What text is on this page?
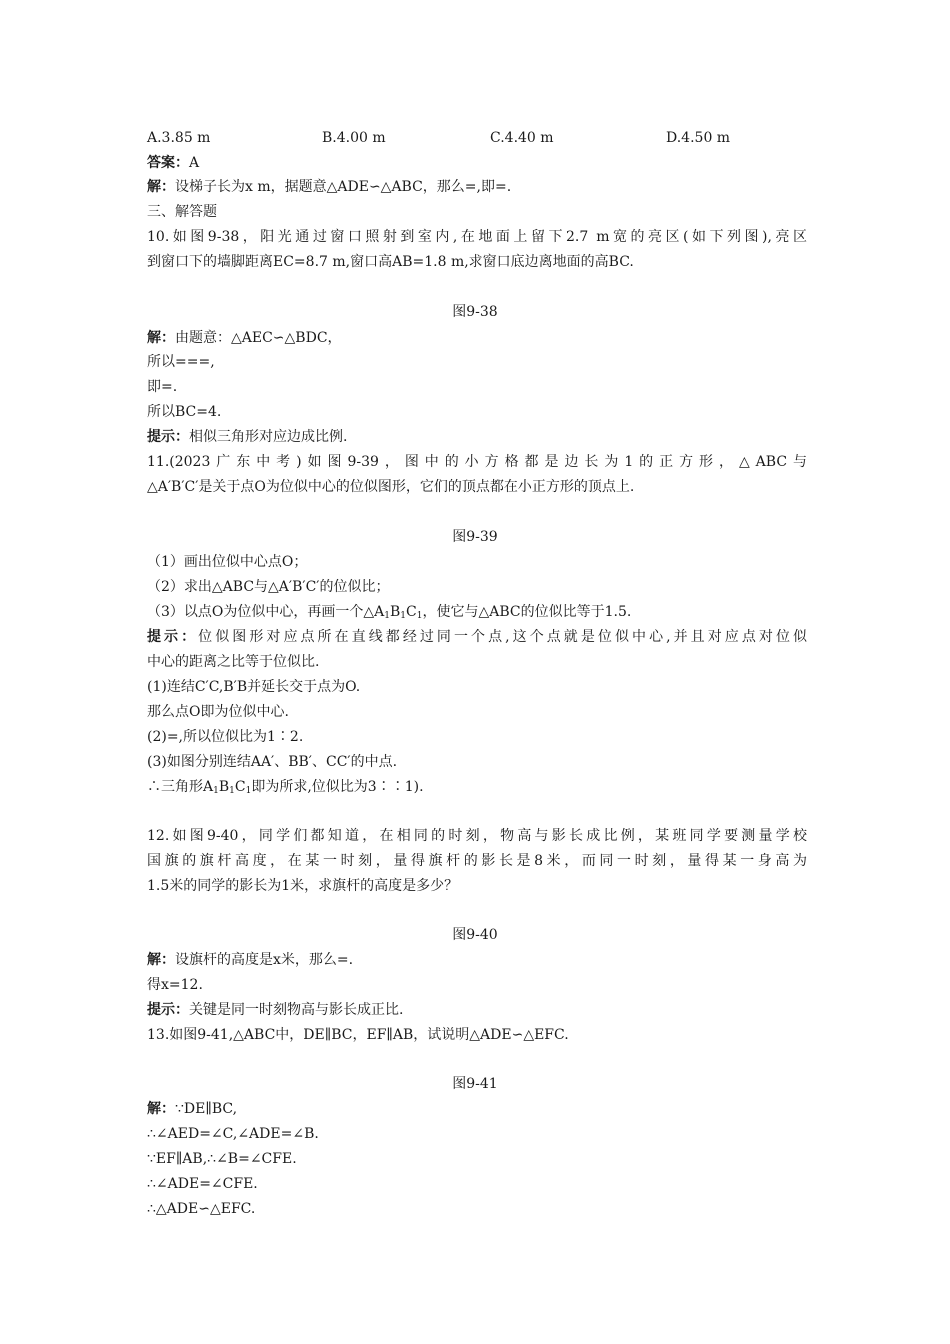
A.3.85 m	B.4.00 m	C.4.40 m	D.4.50 m
答案：A
解：设梯子长为x m，据题意△ADE∽△ABC，那么=,即=.
三、解答题
10.如图9-38，阳光通过窗口照射到室内,在地面上留下2.7 m宽的亮区(如下列图),亮区
到窗口下的墙脚距离EC=8.7 m,窗口高AB=1.8 m,求窗口底边离地面的高BC.
图9-38
解：由题意：△AEC∽△BDC，
所以===,
即=.
所以BC=4.
提示：相似三角形对应边成比例.
11.(2023广东中考)如图9-39，图中的小方格都是边长为1的正方形，△ABC与
△A′B′C′是关于点O为位似中心的位似图形，它们的顶点都在小正方形的顶点上.
图9-39
（1）画出位似中心点O；
（2）求出△ABC与△A′B′C′的位似比；
（3）以点O为位似中心，再画一个$\triangle A_1B_1C_1$，使它与△ABC的位似比等于1.5.
提示：位似图形对应点所在直线都经过同一个点,这个点就是位似中心,并且对应点对位似
中心的距离之比等于位似比.
(1)连结C′C,B′B并延长交于点为O.
那么点O即为位似中心.
(2)=,所以位似比为1∶2.
(3)如图分别连结AA′、BB′、CC′的中点.
∴三角形$A_1B_1C_1$即为所求,位似比为3∶∶1).
12.如图9-40，同学们都知道，在相同的时刻，物高与影长成比例，某班同学要测量学校
国旗的旗杆高度，在某一时刻，量得旗杆的影长是8米，而同一时刻，量得某一身高为
1.5米的同学的影长为1米，求旗杆的高度是多少？
图9-40
解：设旗杆的高度是x米，那么=.
得x=12.
提示：关键是同一时刻物高与影长成正比.
13.如图9-41,△ABC中，DE∥BC，EF∥AB，试说明△ADE∽△EFC.
图9-41
解：∵DE∥BC,
∴∠AED=∠C,∠ADE=∠B.
∵EF∥AB,∴∠B=∠CFE.
∴∠ADE=∠CFE.
∴△ADE∽△EFC.
